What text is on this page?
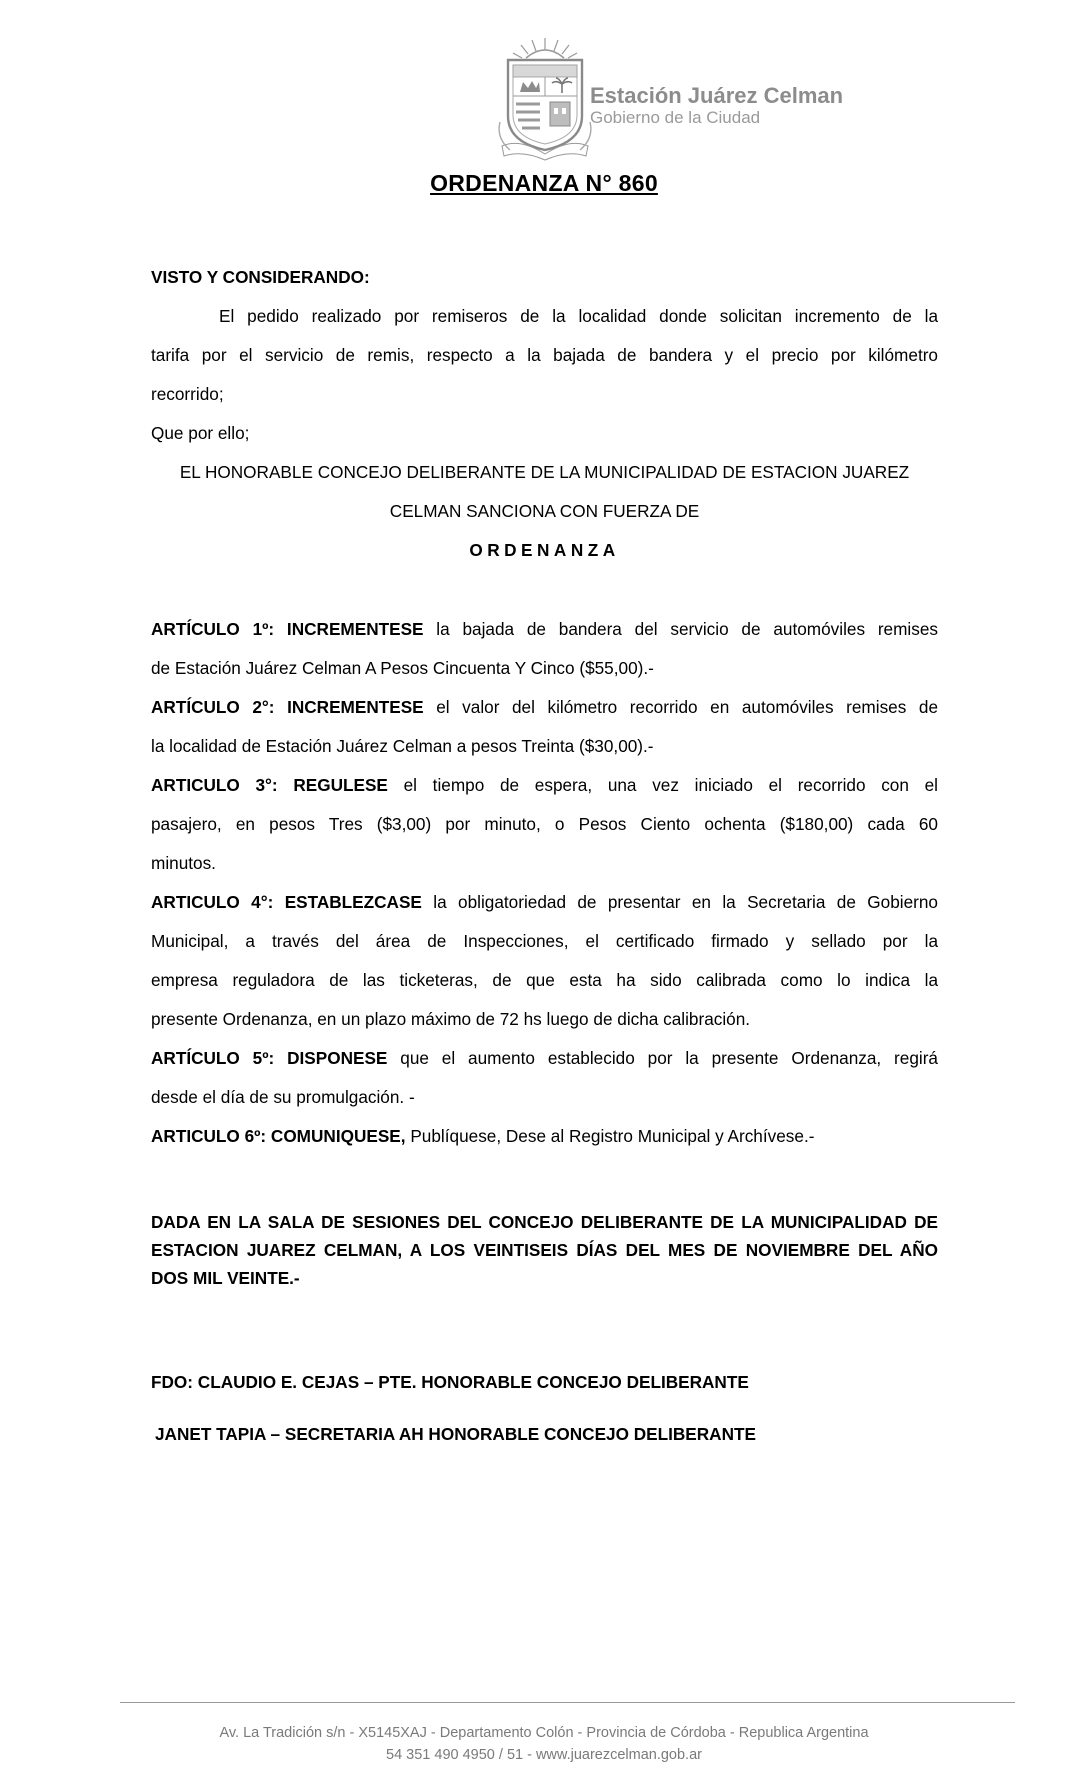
Estación Juárez Celman
Gobierno de la Ciudad
ORDENANZA N° 860
VISTO Y CONSIDERANDO:
El pedido realizado por remiseros de la localidad donde solicitan incremento de la
tarifa por el servicio de remis, respecto a la bajada de bandera y el precio por kilómetro
recorrido;
Que por ello;
EL HONORABLE CONCEJO DELIBERANTE DE LA MUNICIPALIDAD DE ESTACION JUAREZ
CELMAN SANCIONA CON FUERZA DE
ORDENANZA
ARTÍCULO 1º: INCREMENTESE la bajada de bandera del servicio de automóviles remises
de Estación Juárez Celman A Pesos Cincuenta Y Cinco ($55,00).-
ARTÍCULO 2°: INCREMENTESE el valor del kilómetro recorrido en automóviles remises de
la localidad de Estación Juárez Celman a pesos Treinta ($30,00).-
ARTICULO 3°: REGULESE el tiempo de espera, una vez iniciado el recorrido con el
pasajero, en pesos Tres ($3,00) por minuto, o Pesos Ciento ochenta ($180,00) cada 60
minutos.
ARTICULO 4°: ESTABLEZCASE la obligatoriedad de presentar en la Secretaria de Gobierno
Municipal, a través del área de Inspecciones, el certificado firmado y sellado por la
empresa reguladora de las ticketeras, de que esta ha sido calibrada como lo indica la
presente Ordenanza, en un plazo máximo de 72 hs luego de dicha calibración.
ARTÍCULO 5º: DISPONESE que el aumento establecido por la presente Ordenanza, regirá
desde el día de su promulgación. -
ARTICULO 6º: COMUNIQUESE, Publíquese, Dese al Registro Municipal y Archívese.-
DADA EN LA SALA DE SESIONES DEL CONCEJO DELIBERANTE DE LA MUNICIPALIDAD DE
ESTACION JUAREZ CELMAN, A LOS VEINTISEIS DÍAS DEL MES DE NOVIEMBRE DEL AÑO
DOS MIL VEINTE.-
FDO: CLAUDIO E. CEJAS – PTE. HONORABLE CONCEJO DELIBERANTE
JANET TAPIA – SECRETARIA AH HONORABLE CONCEJO DELIBERANTE
Av. La Tradición s/n - X5145XAJ - Departamento Colón - Provincia de Córdoba - Republica Argentina
54 351 490 4950 / 51 - www.juarezcelman.gob.ar
